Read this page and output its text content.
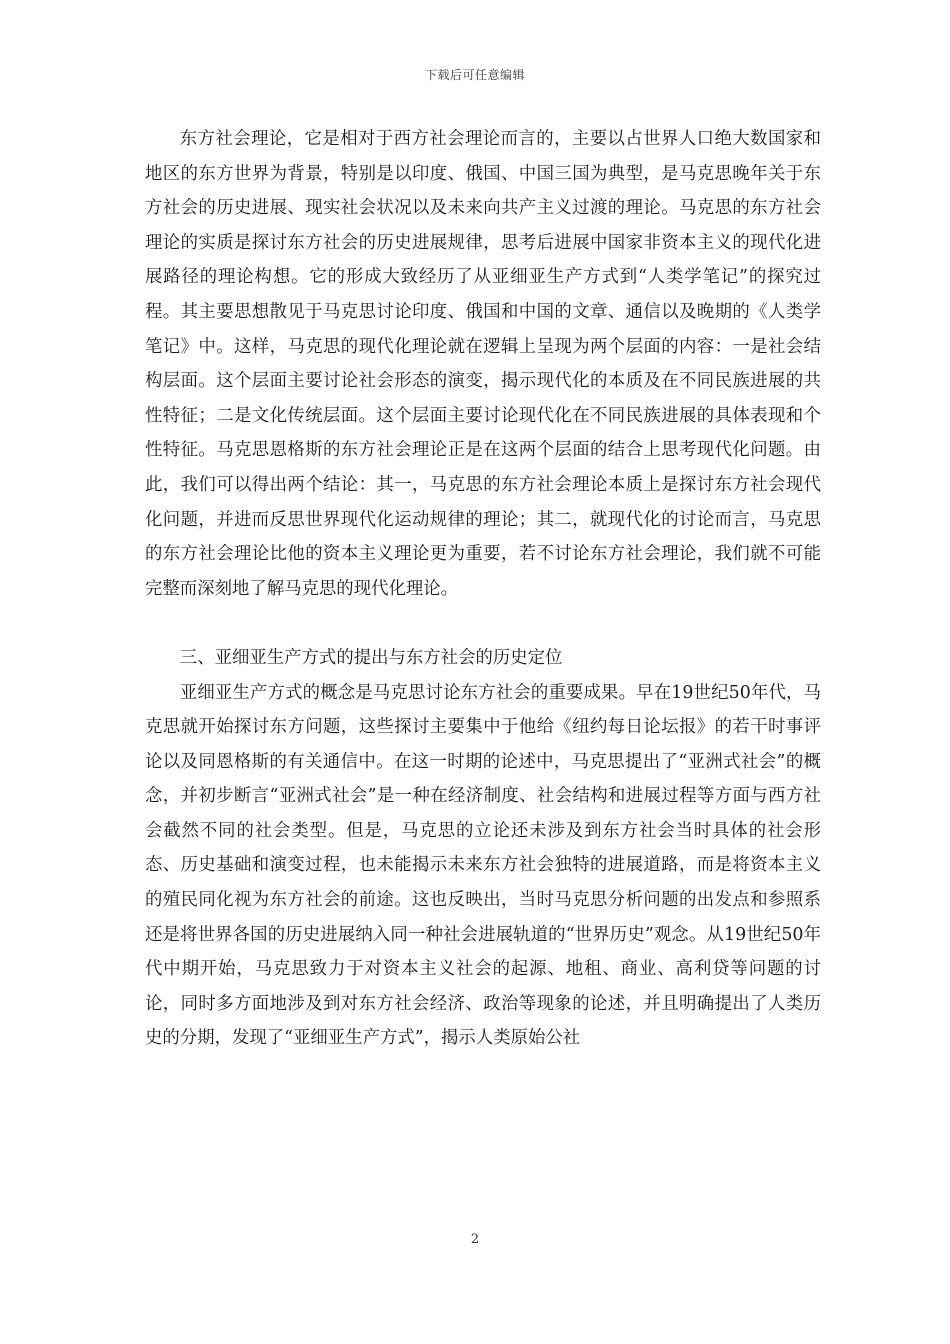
下载后可任意编辑

东方社会理论，它是相对于西方社会理论而言的，主要以占世界人口绝大数国家和地区的东方世界为背景，特别是以印度、俄国、中国三国为典型，是马克思晚年关于东方社会的历史进展、现实社会状况以及未来向共产主义过渡的理论。马克思的东方社会理论的实质是探讨东方社会的历史进展规律，思考后进展中国家非资本主义的现代化进展路径的理论构想。它的形成大致经历了从亚细亚生产方式到“人类学笔记”的探究过程。其主要思想散见于马克思讨论印度、俄国和中国的文章、通信以及晚期的《人类学笔记》中。这样，马克思的现代化理论就在逻辑上呈现为两个层面的内容：一是社会结构层面。这个层面主要讨论社会形态的演变，揭示现代化的本质及在不同民族进展的共性特征；二是文化传统层面。这个层面主要讨论现代化在不同民族进展的具体表现和个性特征。马克思恩格斯的东方社会理论正是在这两个层面的结合上思考现代化问题。由此，我们可以得出两个结论：其一，马克思的东方社会理论本质上是探讨东方社会现代化问题，并进而反思世界现代化运动规律的理论；其二，就现代化的讨论而言，马克思的东方社会理论比他的资本主义理论更为重要，若不讨论东方社会理论，我们就不可能完整而深刻地了解马克思的现代化理论。

三、亚细亚生产方式的提出与东方社会的历史定位

亚细亚生产方式的概念是马克思讨论东方社会的重要成果。早在19世纪50年代，马克思就开始探讨东方问题，这些探讨主要集中于他给《纽约每日论坛报》的若干时事评论以及同恩格斯的有关通信中。在这一时期的论述中，马克思提出了“亚洲式社会”的概念，并初步断言“亚洲式社会”是一种在经济制度、社会结构和进展过程等方面与西方社会截然不同的社会类型。但是，马克思的立论还未涉及到东方社会当时具体的社会形态、历史基础和演变过程，也未能揭示未来东方社会独特的进展道路，而是将资本主义的殖民同化视为东方社会的前途。这也反映出，当时马克思分析问题的出发点和参照系还是将世界各国的历史进展纳入同一种社会进展轨道的“世界历史”观念。从19世纪50年代中期开始，马克思致力于对资本主义社会的起源、地租、商业、高利贷等问题的讨论，同时多方面地涉及到对东方社会经济、政治等现象的论述，并且明确提出了人类历史的分期，发现了“亚细亚生产方式”，揭示人类原始公社

2
